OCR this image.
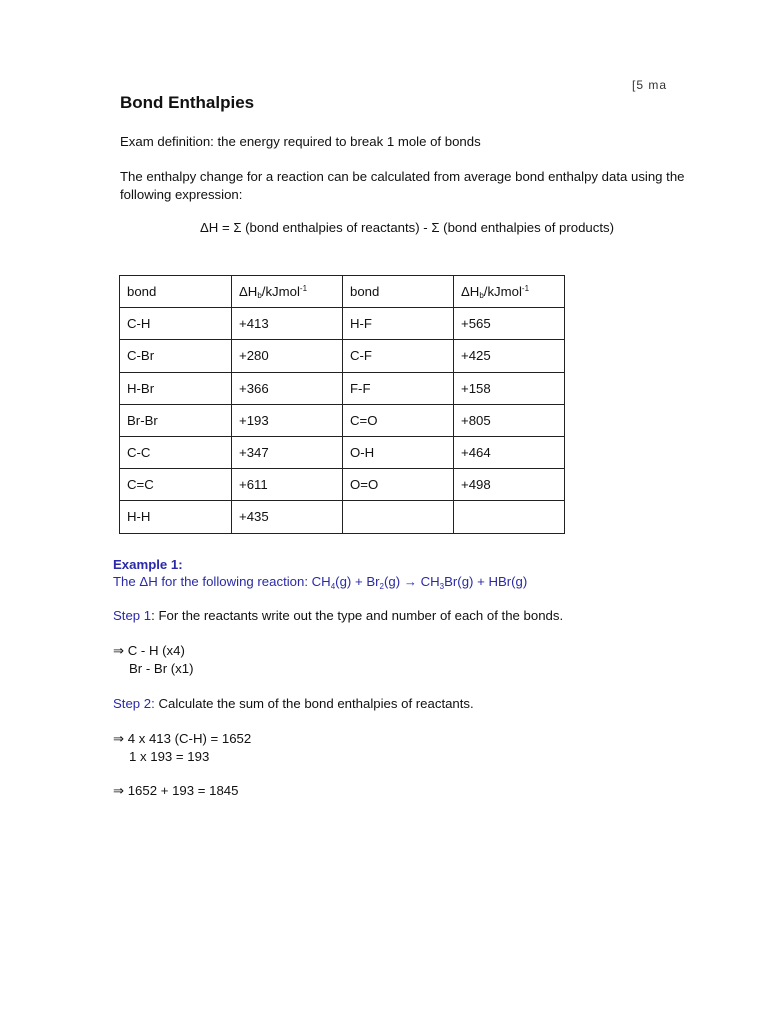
[5 ma
Bond Enthalpies

Exam definition: the energy required to break 1 mole of bonds

The enthalpy change for a reaction can be calculated from average bond enthalpy data using the following expression:

ΔH = Σ (bond enthalpies of reactants) - Σ (bond enthalpies of products)
bond	$\Delta H_b/kJmol^{-1}$	bond	$\Delta H_b/kJmol^{-1}$
C-H	+413	H-F	+565
C-Br	+280	C-F	+425
H-Br	+366	F-F	+158
Br-Br	+193	C=O	+805
C-C	+347	O-H	+464
C=C	+611	O=O	+498
H-H	+435		
Example 1:
The ΔH for the following reaction: $CH_4(g) + Br_2(g) \to CH_3Br(g) + HBr(g)$
Step 1: For the reactants write out the type and number of each of the bonds.
⇒ C - H (x4)
Br - Br (x1)
Step 2: Calculate the sum of the bond enthalpies of reactants.
⇒ 4 x 413 (C-H) = 1652
1 x 193 = 193
⇒ 1652 + 193 = 1845
